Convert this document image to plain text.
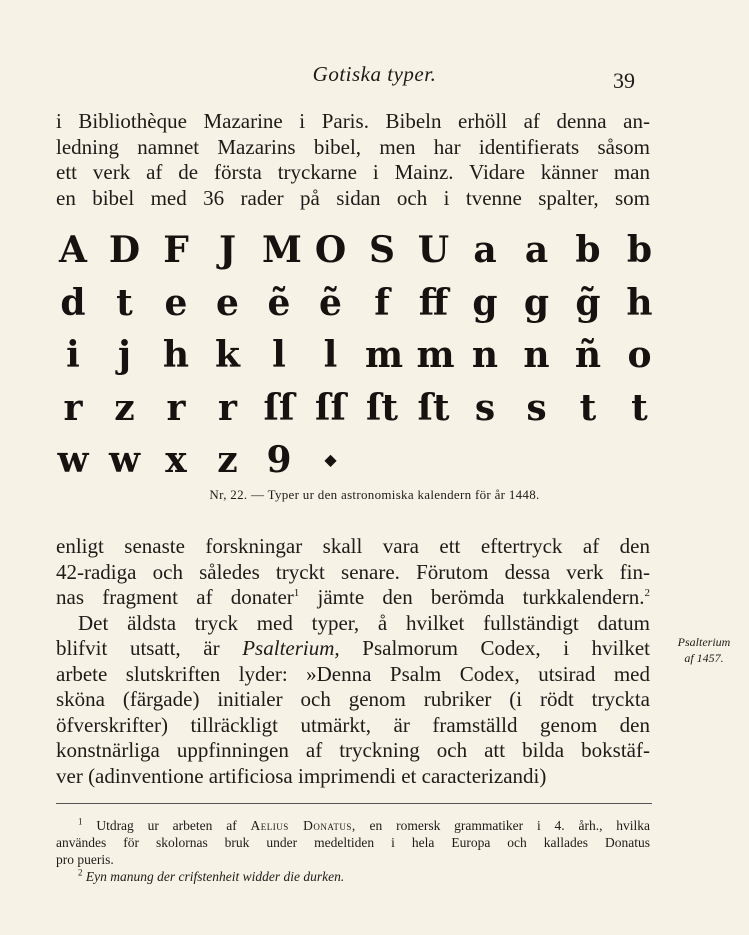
Gotiska typer.	39
i Bibliothèque Mazarine i Paris. Bibeln erhöll af denna an-
ledning namnet Mazarins bibel, men har identifierats såsom
ett verk af de första tryckarne i Mainz. Vidare känner man
en bibel med 36 rader på sidan och i tvenne spalter, som
A D F J M O S U a a b b
d t e e ẽ ẽ f ff g g g̃ h
i j h k l l m m n n ñ o
r z r r ſſ ſſ ſt ſt s s t t
w w x z 9	◆
Nr, 22. — Typer ur den astronomiska kalendern för år 1448.
enligt senaste forskningar skall vara ett eftertryck af den
42-radiga och således tryckt senare. Förutom dessa verk fin-
nas fragment af donater$^1$ jämte den berömda turkkalendern.$^2$
Det äldsta tryck med typer, å hvilket fullständigt datum
blifvit utsatt, är Psalterium, Psalmorum Codex, i hvilket
arbete slutskriften lyder: »Denna Psalm Codex, utsirad med
sköna (färgade) initialer och genom rubriker (i rödt tryckta
öfverskrifter) tillräckligt utmärkt, är framställd genom den
konstnärliga uppfinningen af tryckning och att bilda bokstäf-
ver (adinventione artificiosa imprimendi et caracterizandi)
Psalterium
af 1457.
$^1$ Utdrag ur arbeten af Aelius Donatus, en romersk grammatiker i 4. årh., hvilka
användes för skolornas bruk under medeltiden i hela Europa och kallades Donatus
pro pueris.
$^2$ Eyn manung der crifstenheit widder die durken.
